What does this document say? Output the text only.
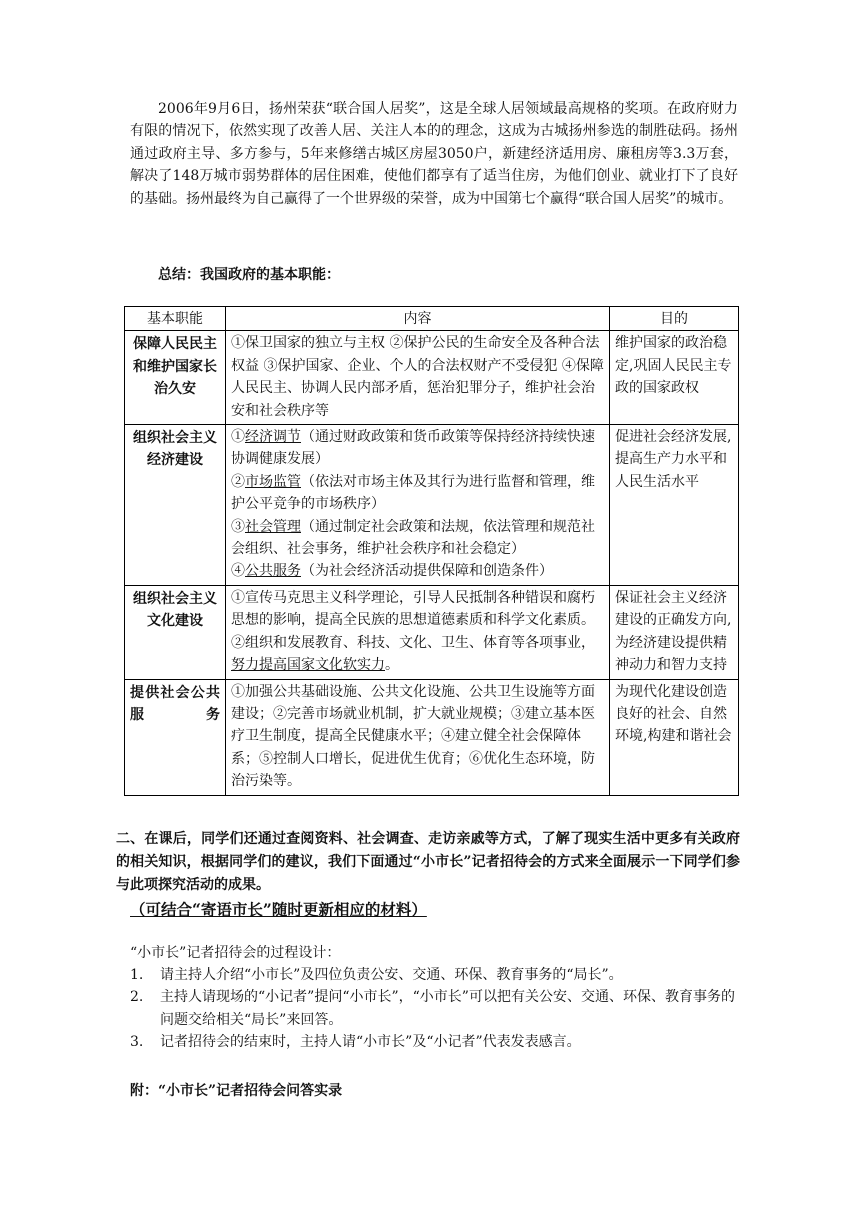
2006年9月6日，扬州荣获“联合国人居奖”，这是全球人居领域最高规格的奖项。在政府财力有限的情况下，依然实现了改善人居、关注人本的的理念，这成为古城扬州参选的制胜砝码。扬州通过政府主导、多方参与，5年来修缮古城区房屋3050户，新建经济适用房、廉租房等3.3万套，解决了148万城市弱势群体的居住困难，使他们都享有了适当住房，为他们创业、就业打下了良好的基础。扬州最终为自己赢得了一个世界级的荣誉，成为中国第七个赢得“联合国人居奖”的城市。

总结：我国政府的基本职能：

基本职能	内容	目的
保障人民民主和维护国家长治久安	①保卫国家的独立与主权 ②保护公民的生命安全及各种合法权益 ③保护国家、企业、个人的合法权财产不受侵犯 ④保障人民民主、协调人民内部矛盾，惩治犯罪分子，维护社会治安和社会秩序等	维护国家的政治稳定,巩固人民民主专政的国家政权
组织社会主义经济建设	①经济调节（通过财政政策和货币政策等保持经济持续快速协调健康发展）
②市场监管（依法对市场主体及其行为进行监督和管理，维护公平竞争的市场秩序）
③社会管理（通过制定社会政策和法规，依法管理和规范社会组织、社会事务，维护社会秩序和社会稳定）
④公共服务（为社会经济活动提供保障和创造条件）	促进社会经济发展,提高生产力水平和人民生活水平
组织社会主义文化建设	①宣传马克思主义科学理论，引导人民抵制各种错误和腐朽思想的影响，提高全民族的思想道德素质和科学文化素质。②组织和发展教育、科技、文化、卫生、体育等各项事业，努力提高国家文化软实力。	保证社会主义经济建设的正确发方向,为经济建设提供精神动力和智力支持
提供社会公共服务	①加强公共基础设施、公共文化设施、公共卫生设施等方面建设；②完善市场就业机制，扩大就业规模；③建立基本医疗卫生制度，提高全民健康水平；④建立健全社会保障体系；⑤控制人口增长，促进优生优育；⑥优化生态环境，防治污染等。	为现代化建设创造良好的社会、自然环境,构建和谐社会

二、在课后，同学们还通过查阅资料、社会调查、走访亲戚等方式，了解了现实生活中更多有关政府的相关知识，根据同学们的建议，我们下面通过“小市长”记者招待会的方式来全面展示一下同学们参与此项探究活动的成果。

（可结合“寄语市长”随时更新相应的材料）

“小市长”记者招待会的过程设计：

1.	请主持人介绍“小市长”及四位负责公安、交通、环保、教育事务的“局长”。
2.	主持人请现场的“小记者”提问“小市长”，“小市长”可以把有关公安、交通、环保、教育事务的问题交给相关“局长”来回答。
3.	记者招待会的结束时，主持人请“小市长”及“小记者”代表发表感言。

附：“小市长”记者招待会问答实录
